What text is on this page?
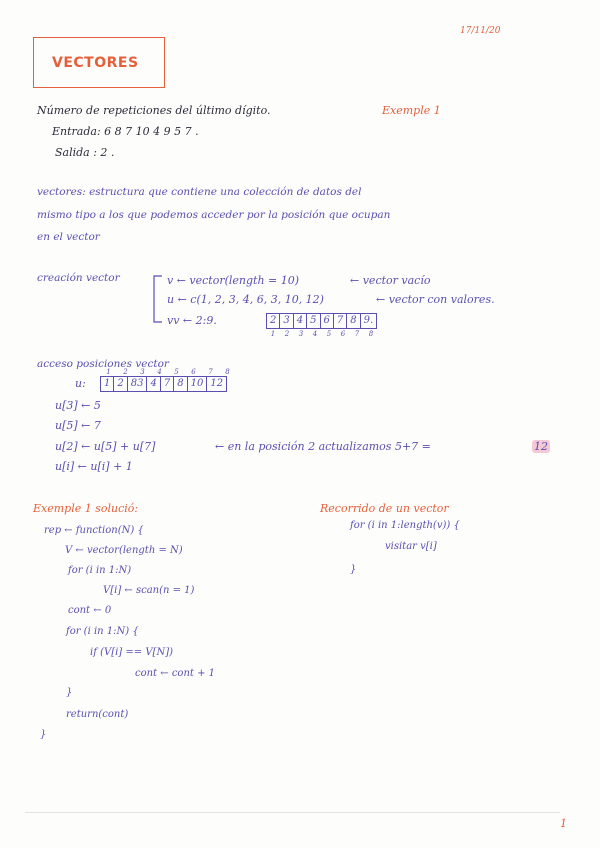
17/11/20
VECTORES
Número de repeticiones del último dígito.	Exemple 1
Entrada: 6 8 7 10 4 9 5 7 .
Salida : 2 .
vectores: estructura que contiene una colección de datos del
mismo tipo a los que podemos acceder por la posición que ocupan
en el vector
creación vector	v ← vector(length = 10)	← vector vacío
u ← c(1, 2, 3, 4, 6, 3, 10, 12)	← vector con valores.
vv ← 2:9.	2 3 4 5 6 7 8 9.
1	2	3	4	5	6	7	8
acceso posiciones vector
u:
1	2	3	4	5	6	7	8
1 2 83 4 7 8 10 12
u[3] ← 5
u[5] ← 7
u[2] ← u[5] + u[7]	← en la posición 2 actualizamos 5+7 =	12
u[i] ← u[i] + 1
Exemple 1 solució:
rep ← function(N) {
V ← vector(length = N)
for (i in 1:N)
V[i] ← scan(n = 1)
cont ← 0
for (i in 1:N) {
if (V[i] == V[N])
cont ← cont + 1
}
return(cont)
}
Recorrido de un vector
for (i in 1:length(v)) {
visitar v[i]
}
1
